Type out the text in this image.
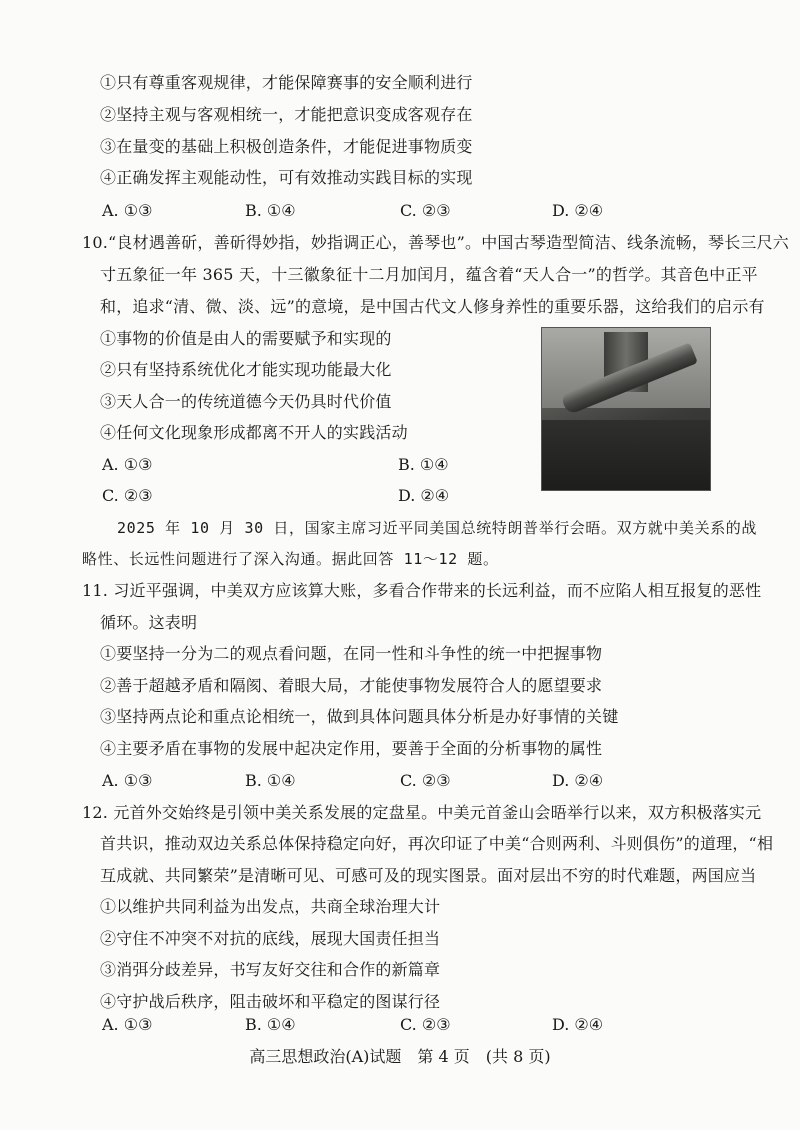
①只有尊重客观规律，才能保障赛事的安全顺利进行
②坚持主观与客观相统一，才能把意识变成客观存在
③在量变的基础上积极创造条件，才能促进事物质变
④正确发挥主观能动性，可有效推动实践目标的实现
A. ①③	B. ①④	C. ②③	D. ②④
10.“良材遇善斫，善斫得妙指，妙指调正心，善琴也”。中国古琴造型简洁、线条流畅，琴长三尺六
寸五象征一年 365 天，十三徽象征十二月加闰月，蕴含着“天人合一”的哲学。其音色中正平
和，追求“清、微、淡、远”的意境，是中国古代文人修身养性的重要乐器，这给我们的启示有
①事物的价值是由人的需要赋予和实现的
②只有坚持系统优化才能实现功能最大化
③天人合一的传统道德今天仍具时代价值
④任何文化现象形成都离不开人的实践活动
A. ①③	B. ①④
C. ②③	D. ②④
2025 年 10 月 30 日，国家主席习近平同美国总统特朗普举行会晤。双方就中美关系的战
略性、长远性问题进行了深入沟通。据此回答 11～12 题。
11. 习近平强调，中美双方应该算大账，多看合作带来的长远利益，而不应陷人相互报复的恶性
循环。这表明
①要坚持一分为二的观点看问题，在同一性和斗争性的统一中把握事物
②善于超越矛盾和隔阂、着眼大局，才能使事物发展符合人的愿望要求
③坚持两点论和重点论相统一，做到具体问题具体分析是办好事情的关键
④主要矛盾在事物的发展中起决定作用，要善于全面的分析事物的属性
A. ①③	B. ①④	C. ②③	D. ②④
12. 元首外交始终是引领中美关系发展的定盘星。中美元首釜山会晤举行以来，双方积极落实元
首共识，推动双边关系总体保持稳定向好，再次印证了中美“合则两利、斗则俱伤”的道理，“相
互成就、共同繁荣”是清晰可见、可感可及的现实图景。面对层出不穷的时代难题，两国应当
①以维护共同利益为出发点，共商全球治理大计
②守住不冲突不对抗的底线，展现大国责任担当
③消弭分歧差异，书写友好交往和合作的新篇章
④守护战后秩序，阻击破坏和平稳定的图谋行径
A. ①③	B. ①④	C. ②③	D. ②④
高三思想政治(A)试题　第 4 页　(共 8 页)
